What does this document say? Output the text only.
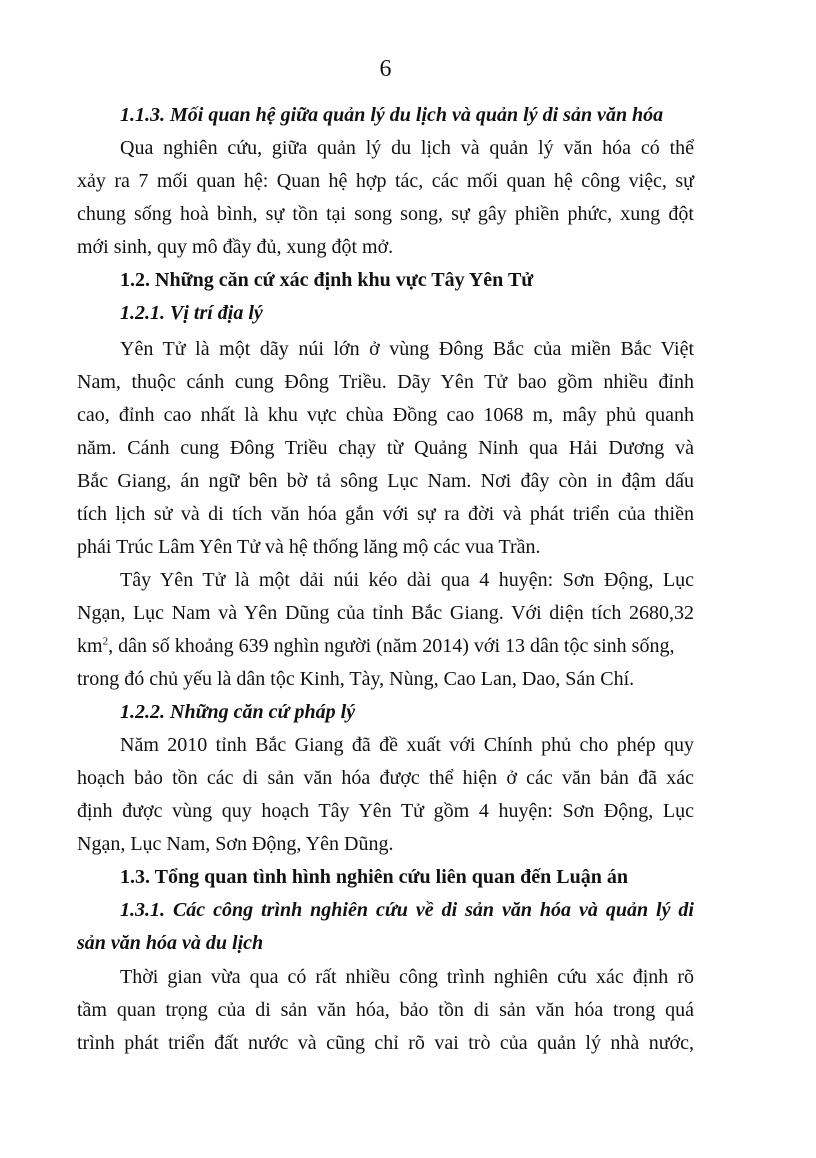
6
1.1.3. Mối quan hệ giữa quản lý du lịch và quản lý di sản văn hóa
Qua nghiên cứu, giữa quản lý du lịch và quản lý văn hóa có thể
xảy ra 7 mối quan hệ: Quan hệ hợp tác, các mối quan hệ công việc, sự
chung sống hoà bình, sự tồn tại song song, sự gây phiền phức, xung đột
mới sinh, quy mô đầy đủ, xung đột mở.
1.2. Những căn cứ xác định khu vực Tây Yên Tử
1.2.1. Vị trí địa lý
Yên Tử là một dãy núi lớn ở vùng Đông Bắc của miền Bắc Việt
Nam, thuộc cánh cung Đông Triều. Dãy Yên Tử bao gồm nhiều đỉnh
cao, đỉnh cao nhất là khu vực chùa Đồng cao 1068 m, mây phủ quanh
năm. Cánh cung Đông Triều chạy từ Quảng Ninh qua Hải Dương và
Bắc Giang, án ngữ bên bờ tả sông Lục Nam. Nơi đây còn in đậm dấu
tích lịch sử và di tích văn hóa gắn với sự ra đời và phát triển của thiền
phái Trúc Lâm Yên Tử và hệ thống lăng mộ các vua Trần.
Tây Yên Tử là một dải núi kéo dài qua 4 huyện: Sơn Động, Lục
Ngạn, Lục Nam và Yên Dũng của tỉnh Bắc Giang. Với diện tích 2680,32
$km^2$, dân số khoảng 639 nghìn người (năm 2014) với 13 dân tộc sinh sống,
trong đó chủ yếu là dân tộc Kinh, Tày, Nùng, Cao Lan, Dao, Sán Chí.
1.2.2. Những căn cứ pháp lý
Năm 2010 tỉnh Bắc Giang đã đề xuất với Chính phủ cho phép quy
hoạch bảo tồn các di sản văn hóa được thể hiện ở các văn bản đã xác
định được vùng quy hoạch Tây Yên Tử gồm 4 huyện: Sơn Động, Lục
Ngạn, Lục Nam, Sơn Động, Yên Dũng.
1.3. Tổng quan tình hình nghiên cứu liên quan đến Luận án
1.3.1. Các công trình nghiên cứu về di sản văn hóa và quản lý di
sản văn hóa và du lịch
Thời gian vừa qua có rất nhiều công trình nghiên cứu xác định rõ
tầm quan trọng của di sản văn hóa, bảo tồn di sản văn hóa trong quá
trình phát triển đất nước và cũng chỉ rõ vai trò của quản lý nhà nước,
